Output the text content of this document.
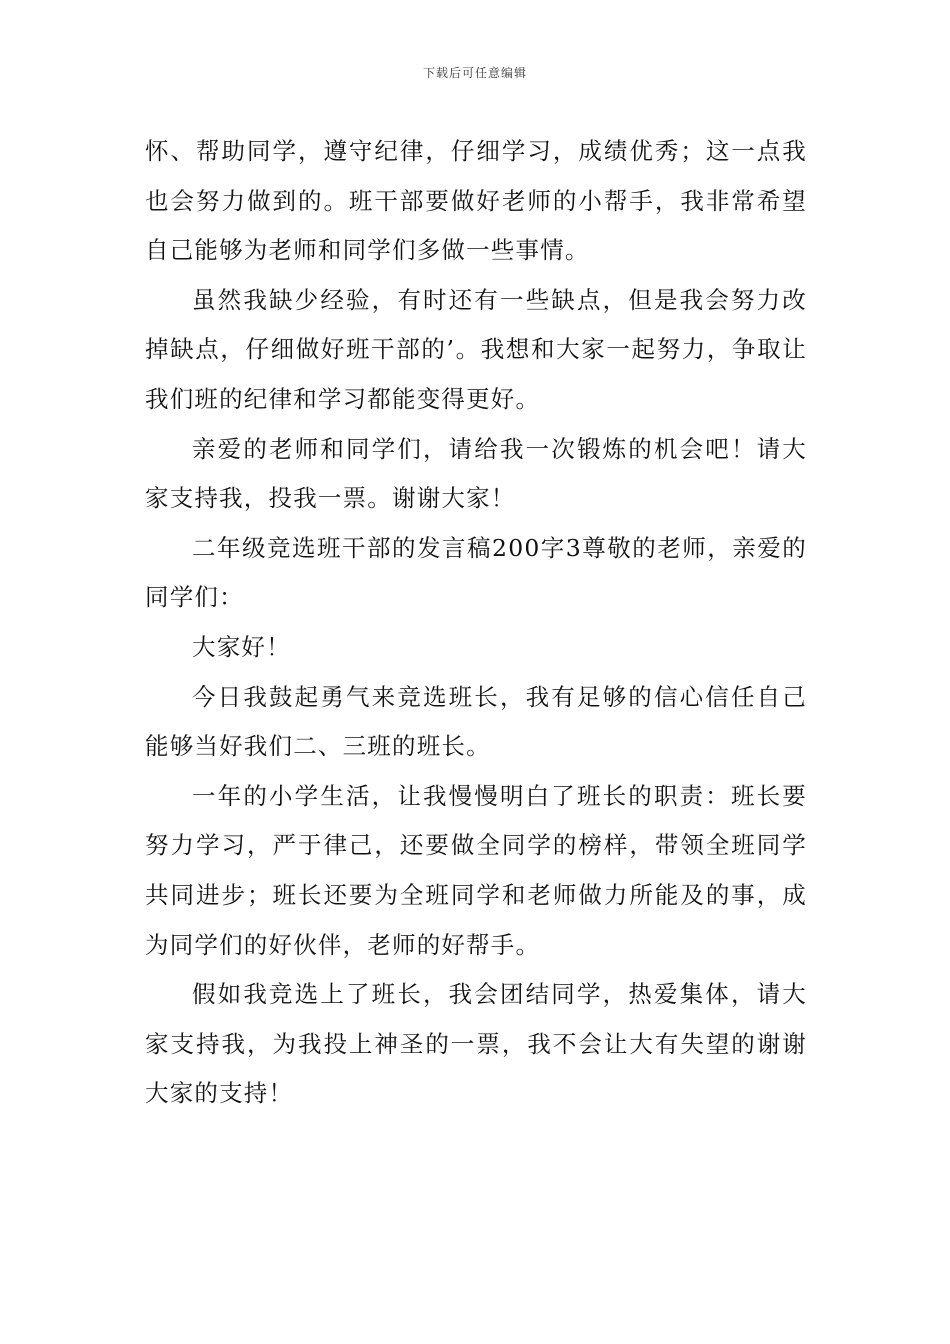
下载后可任意编辑

怀、帮助同学，遵守纪律，仔细学习，成绩优秀；这一点我也会努力做到的。班干部要做好老师的小帮手，我非常希望自己能够为老师和同学们多做一些事情。

虽然我缺少经验，有时还有一些缺点，但是我会努力改掉缺点，仔细做好班干部的’。我想和大家一起努力，争取让我们班的纪律和学习都能变得更好。

亲爱的老师和同学们，请给我一次锻炼的机会吧！请大家支持我，投我一票。谢谢大家！

二年级竞选班干部的发言稿200字3尊敬的老师，亲爱的同学们：

大家好！

今日我鼓起勇气来竞选班长，我有足够的信心信任自己能够当好我们二、三班的班长。

一年的小学生活，让我慢慢明白了班长的职责：班长要努力学习，严于律己，还要做全同学的榜样，带领全班同学共同进步；班长还要为全班同学和老师做力所能及的事，成为同学们的好伙伴，老师的好帮手。

假如我竞选上了班长，我会团结同学，热爱集体，请大家支持我，为我投上神圣的一票，我不会让大有失望的谢谢大家的支持！
